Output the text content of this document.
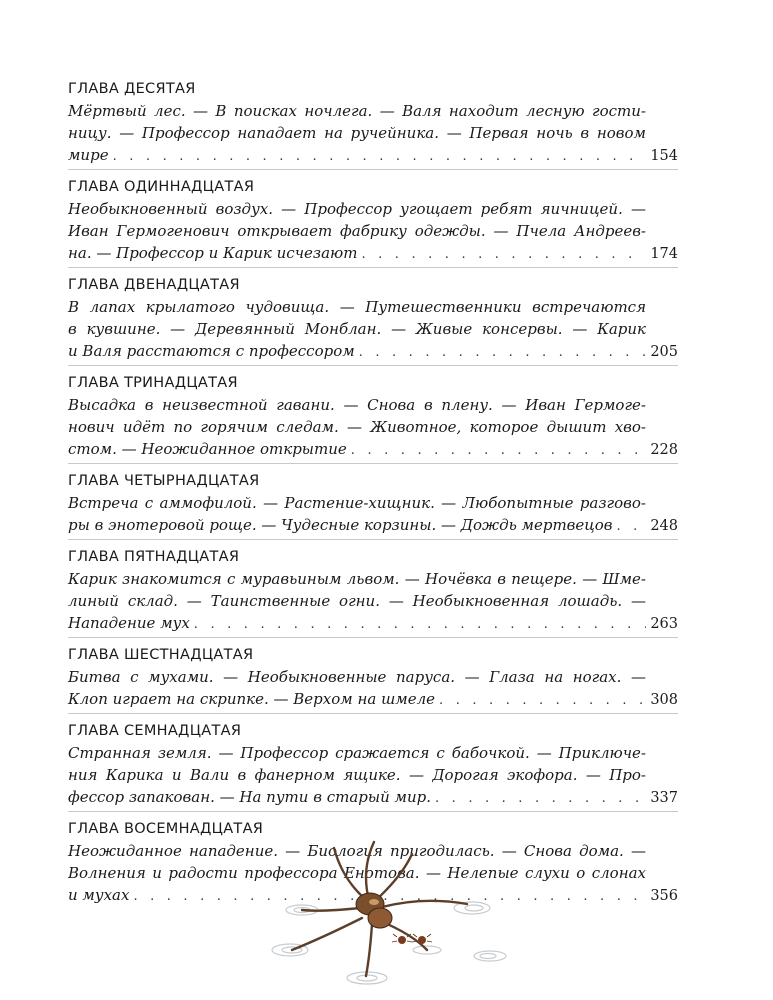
ГЛАВА ДЕСЯТАЯ
Мёртвый лес. — В поисках ночлега. — Валя находит лесную гости-
ницу. — Профессор нападает на ручейника. — Первая ночь в новом
мире . . .	154
ГЛАВА ОДИННАДЦАТАЯ
Необыкновенный воздух. — Профессор угощает ребят яичницей. —
Иван Гермогенович открывает фабрику одежды. — Пчела Андреев-
на. — Профессор и Карик исчезают . . .	174
ГЛАВА ДВЕНАДЦАТАЯ
В лапах крылатого чудовища. — Путешественники встречаются
в кувшине. — Деревянный Монблан. — Живые консервы. — Карик
и Валя расстаются с профессором . . .	205
ГЛАВА ТРИНАДЦАТАЯ
Высадка в неизвестной гавани. — Снова в плену. — Иван Гермоге-
нович идёт по горячим следам. — Животное, которое дышит хво-
стом. — Неожиданное открытие . . .	228
ГЛАВА ЧЕТЫРНАДЦАТАЯ
Встреча с аммофилой. — Растение-хищник. — Любопытные разгово-
ры в энотеровой роще. — Чудесные корзины. — Дождь мертвецов . . .	248
ГЛАВА ПЯТНАДЦАТАЯ
Карик знакомится с муравьиным львом. — Ночёвка в пещере. — Шме-
линый склад. — Таинственные огни. — Необыкновенная лошадь. —
Нападение мух . . .	263
ГЛАВА ШЕСТНАДЦАТАЯ
Битва с мухами. — Необыкновенные паруса. — Глаза на ногах. —
Клоп играет на скрипке. — Верхом на шмеле . . .	308
ГЛАВА СЕМНАДЦАТАЯ
Странная земля. — Профессор сражается с бабочкой. — Приключе-
ния Карика и Вали в фанерном ящике. — Дорогая экофора. — Про-
фессор запакован. — На пути в старый мир. . . .	337
ГЛАВА ВОСЕМНАДЦАТАЯ
Неожиданное нападение. — Биология пригодилась. — Снова дома. —
Волнения и радости профессора Енотова. — Нелепые слухи о слонах
и мухах . . .	356
